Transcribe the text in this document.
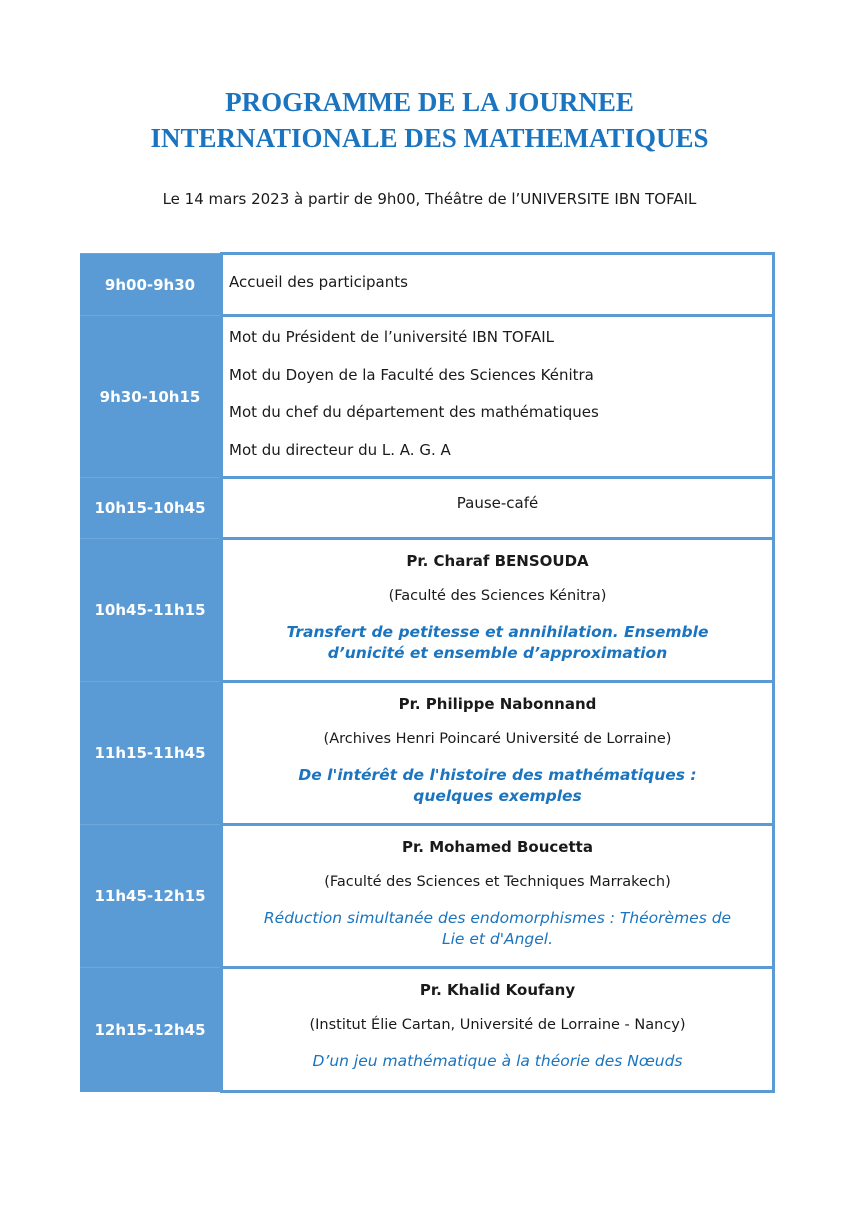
PROGRAMME DE LA JOURNEE
INTERNATIONALE DES MATHEMATIQUES
Le 14 mars 2023 à partir de 9h00, Théâtre de l’UNIVERSITE IBN TOFAIL
9h00-9h30	Accueil des participants

9h30-10h15	Mot du Président de l’université IBN TOFAIL
Mot du Doyen de la Faculté des Sciences Kénitra
Mot du chef du département des mathématiques
Mot du directeur du L. A. G. A

10h15-10h45	Pause-café

10h45-11h15	Pr. Charaf BENSOUDA
(Faculté des Sciences Kénitra)
Transfert de petitesse et annihilation. Ensemble
d’unicité et ensemble d’approximation

11h15-11h45	Pr. Philippe Nabonnand
(Archives Henri Poincaré Université de Lorraine)
De l'intérêt de l'histoire des mathématiques :
quelques exemples

11h45-12h15	Pr. Mohamed Boucetta
(Faculté des Sciences et Techniques Marrakech)
Réduction simultanée des endomorphismes : Théorèmes de
Lie et d'Angel.

12h15-12h45	Pr. Khalid Koufany
(Institut Élie Cartan, Université de Lorraine - Nancy)
D’un jeu mathématique à la théorie des Nœuds
